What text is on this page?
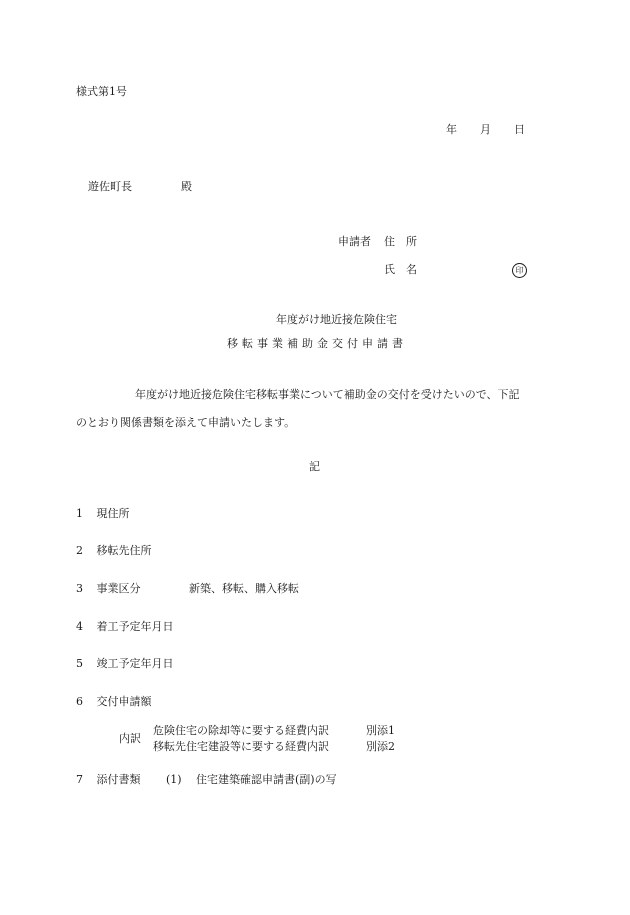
様式第1号
年 月 日
遊佐町長	殿
申請者 住　所
氏　名	印
年度がけ地近接危険住宅
移転事業補助金交付申請書
年度がけ地近接危険住宅移転事業について補助金の交付を受けたいので、下記
のとおり関係書類を添えて申請いたします。
記
1 現住所
2 移転先住所
3 事業区分	新築、移転、購入移転
4 着工予定年月日
5 竣工予定年月日
6 交付申請額
内訳
危険住宅の除却等に要する経費内訳	別添1
移転先住宅建設等に要する経費内訳	別添2
7 添付書類 (1) 住宅建築確認申請書(副)の写
